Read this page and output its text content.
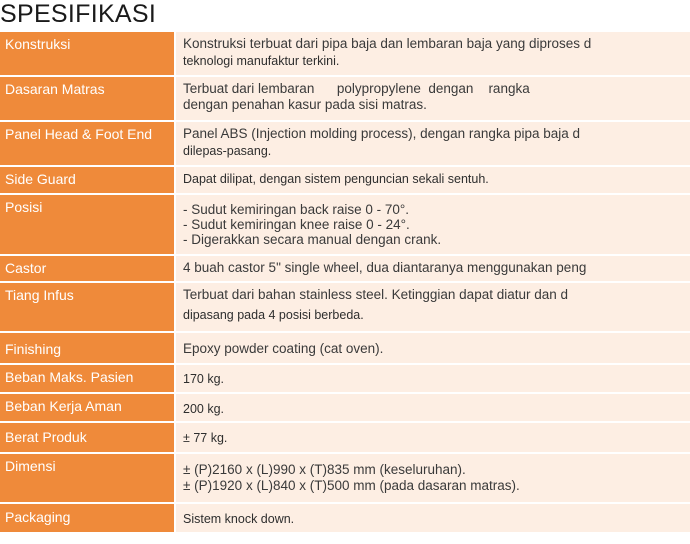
SPESIFIKASI
Konstruksi	Konstruksi terbuat dari pipa baja dan lembaran baja yang diproses d
teknologi manufaktur terkini.
Dasaran Matras	Terbuat dari lembaran      polypropylene  dengan    rangka
dengan penahan kasur pada sisi matras.
Panel Head & Foot End	Panel ABS (Injection molding process), dengan rangka pipa baja d
dilepas-pasang.
Side Guard	Dapat dilipat, dengan sistem penguncian sekali sentuh.
Posisi	- Sudut kemiringan back raise 0 - 70°.
- Sudut kemiringan knee raise 0 - 24°.
- Digerakkan secara manual dengan crank.
Castor	4 buah castor 5" single wheel, dua diantaranya menggunakan peng
Tiang Infus	Terbuat dari bahan stainless steel. Ketinggian dapat diatur dan d
dipasang pada 4 posisi berbeda.
Finishing	Epoxy powder coating (cat oven).
Beban Maks. Pasien	170 kg.
Beban Kerja Aman	200 kg.
Berat Produk	± 77 kg.
Dimensi	± (P)2160 x (L)990 x (T)835 mm (keseluruhan).
± (P)1920 x (L)840 x (T)500 mm (pada dasaran matras).
Packaging	Sistem knock down.
